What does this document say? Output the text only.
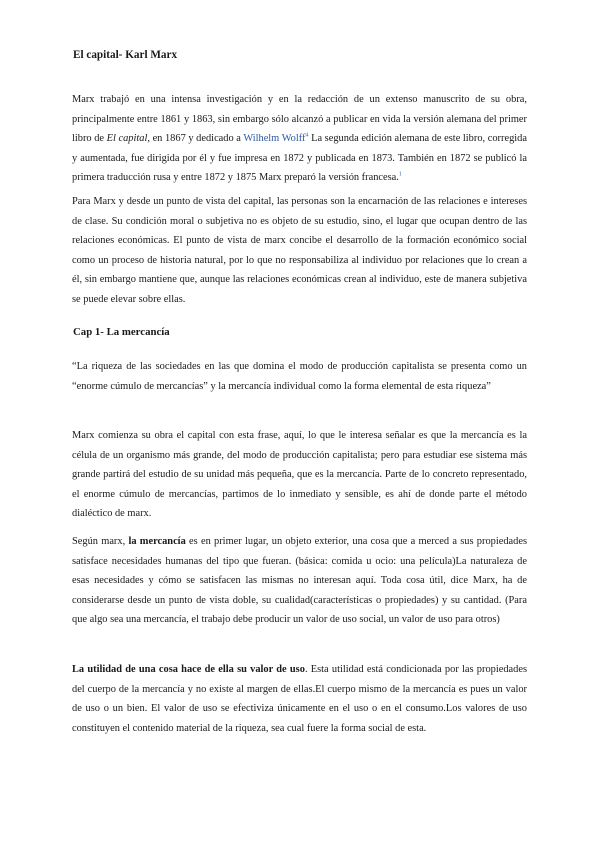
El capital- Karl Marx

Marx trabajó en una intensa investigación y en la redacción de un extenso manuscrito de su obra, principalmente entre 1861 y 1863, sin embargo sólo alcanzó a publicar en vida la versión alemana del primer libro de El capital, en 1867 y dedicado a Wilhelm Wolff$^4$ La segunda edición alemana de este libro, corregida y aumentada, fue dirigida por él y fue impresa en 1872 y publicada en 1873. También en 1872 se publicó la primera traducción rusa y entre 1872 y 1875 Marx preparó la versión francesa.$^1$

Para Marx y desde un punto de vista del capital, las personas son la encarnación de las relaciones e intereses de clase. Su condición moral o subjetiva no es objeto de su estudio, sino, el lugar que ocupan dentro de las relaciones económicas. El punto de vista de marx concibe el desarrollo de la formación económico social como un proceso de historia natural, por lo que no responsabiliza al individuo por relaciones que lo crean a él, sin embargo mantiene que, aunque las relaciones económicas crean al individuo, este de manera subjetiva se puede elevar sobre ellas.

Cap 1- La mercancía

“La riqueza de las sociedades en las que domina el modo de producción capitalista se presenta como un “enorme cúmulo de mercancías” y la mercancía individual como la forma elemental de esta riqueza”

Marx comienza su obra el capital con esta frase, aquí, lo que le interesa señalar es que la mercancía es la célula de un organismo más grande, del modo de producción capitalista; pero para estudiar ese sistema más grande partirá del estudio de su unidad más pequeña, que es la mercancía. Parte de lo concreto representado, el enorme cúmulo de mercancías, partimos de lo inmediato y sensible, es ahí de donde parte el método dialéctico de marx.

Según marx, la mercancía es en primer lugar, un objeto exterior, una cosa que a merced a sus propiedades satisface necesidades humanas del tipo que fueran. (básica: comida u ocio: una película)La naturaleza de esas necesidades y cómo se satisfacen las mismas no interesan aquí. Toda cosa útil, dice Marx, ha de considerarse desde un punto de vista doble, su cualidad(características o propiedades) y su cantidad. (Para que algo sea una mercancía, el trabajo debe producir un valor de uso social, un valor de uso para otros)

La utilidad de una cosa hace de ella su valor de uso. Esta utilidad está condicionada por las propiedades del cuerpo de la mercancía y no existe al margen de ellas.El cuerpo mismo de la mercancía es pues un valor de uso o un bien. El valor de uso se efectiviza únicamente en el uso o en el consumo.Los valores de uso constituyen el contenido material de la riqueza, sea cual fuere la forma social de esta.
